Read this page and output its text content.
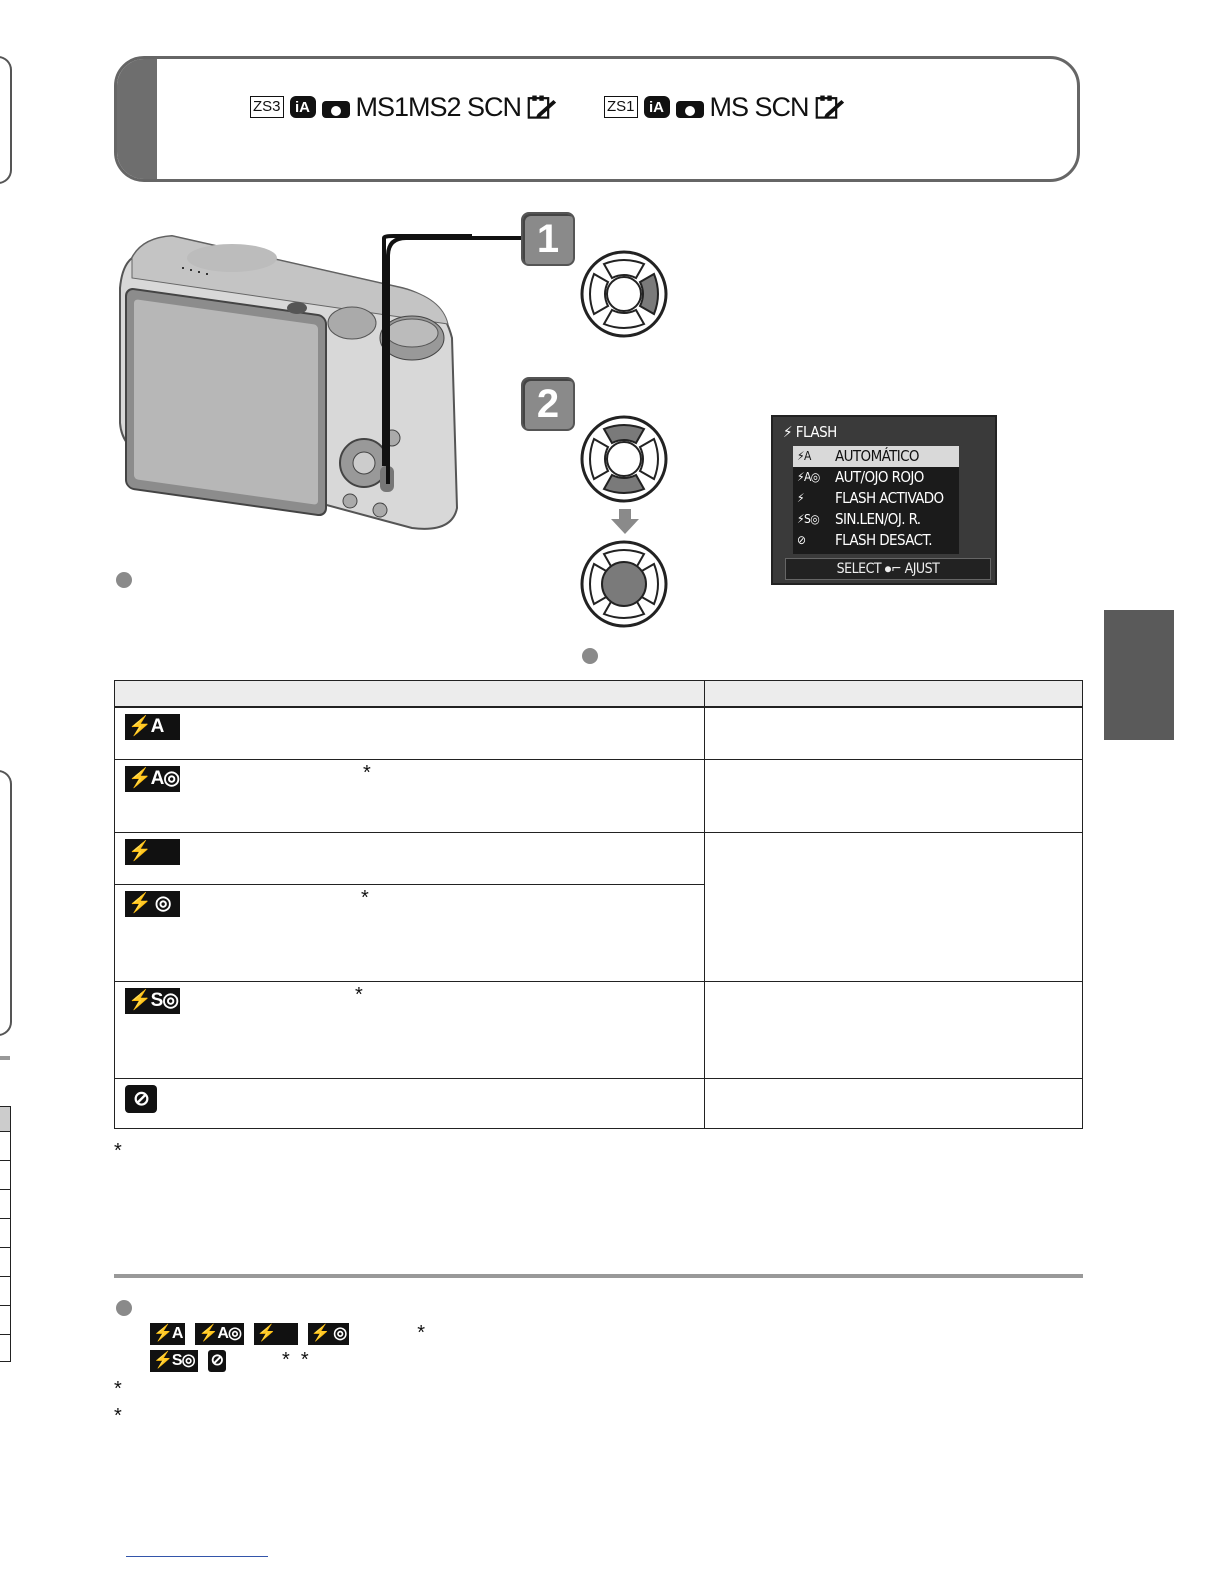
ZS3 iA MS1MS2 SCN	ZS1 iA MS SCN
1
2
⚡ FLASH
⚡A	AUTOMÁTICO
⚡A◎	AUT/OJO ROJO
⚡	FLASH ACTIVADO
⚡S◎	SIN.LEN/OJ. R.
⊘	FLASH DESACT.
SELECT ⦁⌐ AJUST

⚡A	
⚡A◎ *	

⚡	
⚡ ◎ *	

⚡S◎ *	

⊘	
*
⚡A ⚡A◎ ⚡	⚡ ◎	*
⚡S◎ ⊘	*  *
*
*
